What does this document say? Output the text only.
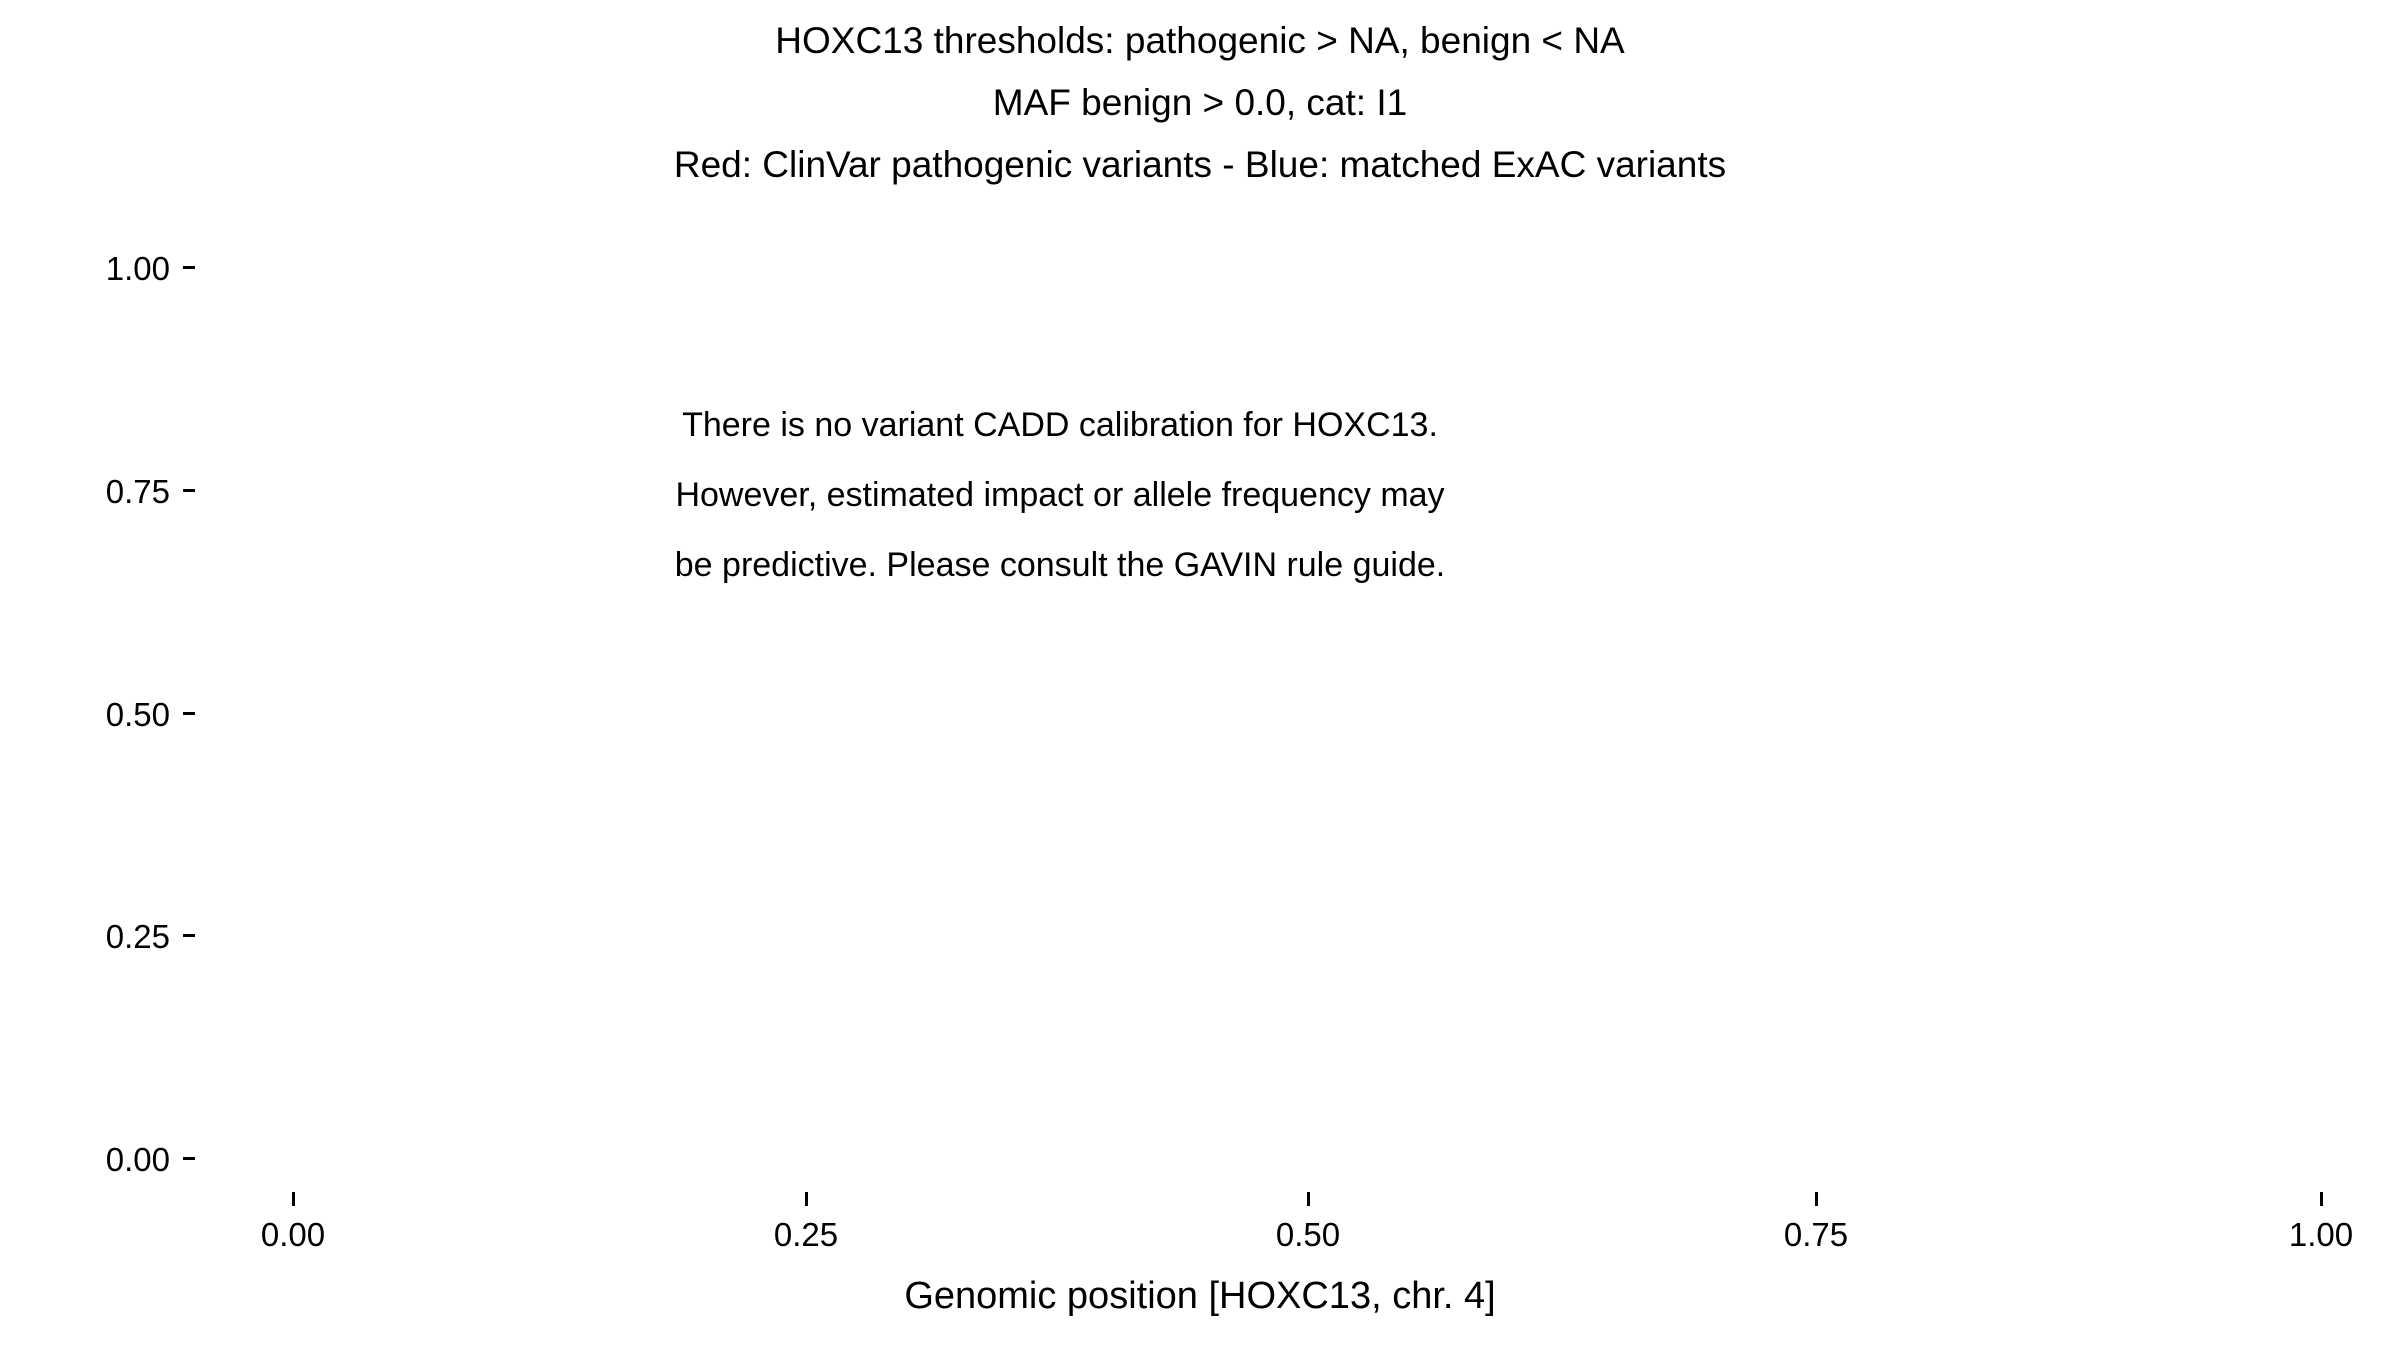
HOXC13 thresholds: pathogenic > NA, benign < NA
MAF benign > 0.0, cat: I1
Red: ClinVar pathogenic variants - Blue: matched ExAC variants
1.00
0.75
0.50
0.25
0.00
There is no variant CADD calibration for HOXC13.
However, estimated impact or allele frequency may
be predictive. Please consult the GAVIN rule guide.
0.00	0.25	0.50	0.75	1.00
Genomic position [HOXC13, chr. 4]
